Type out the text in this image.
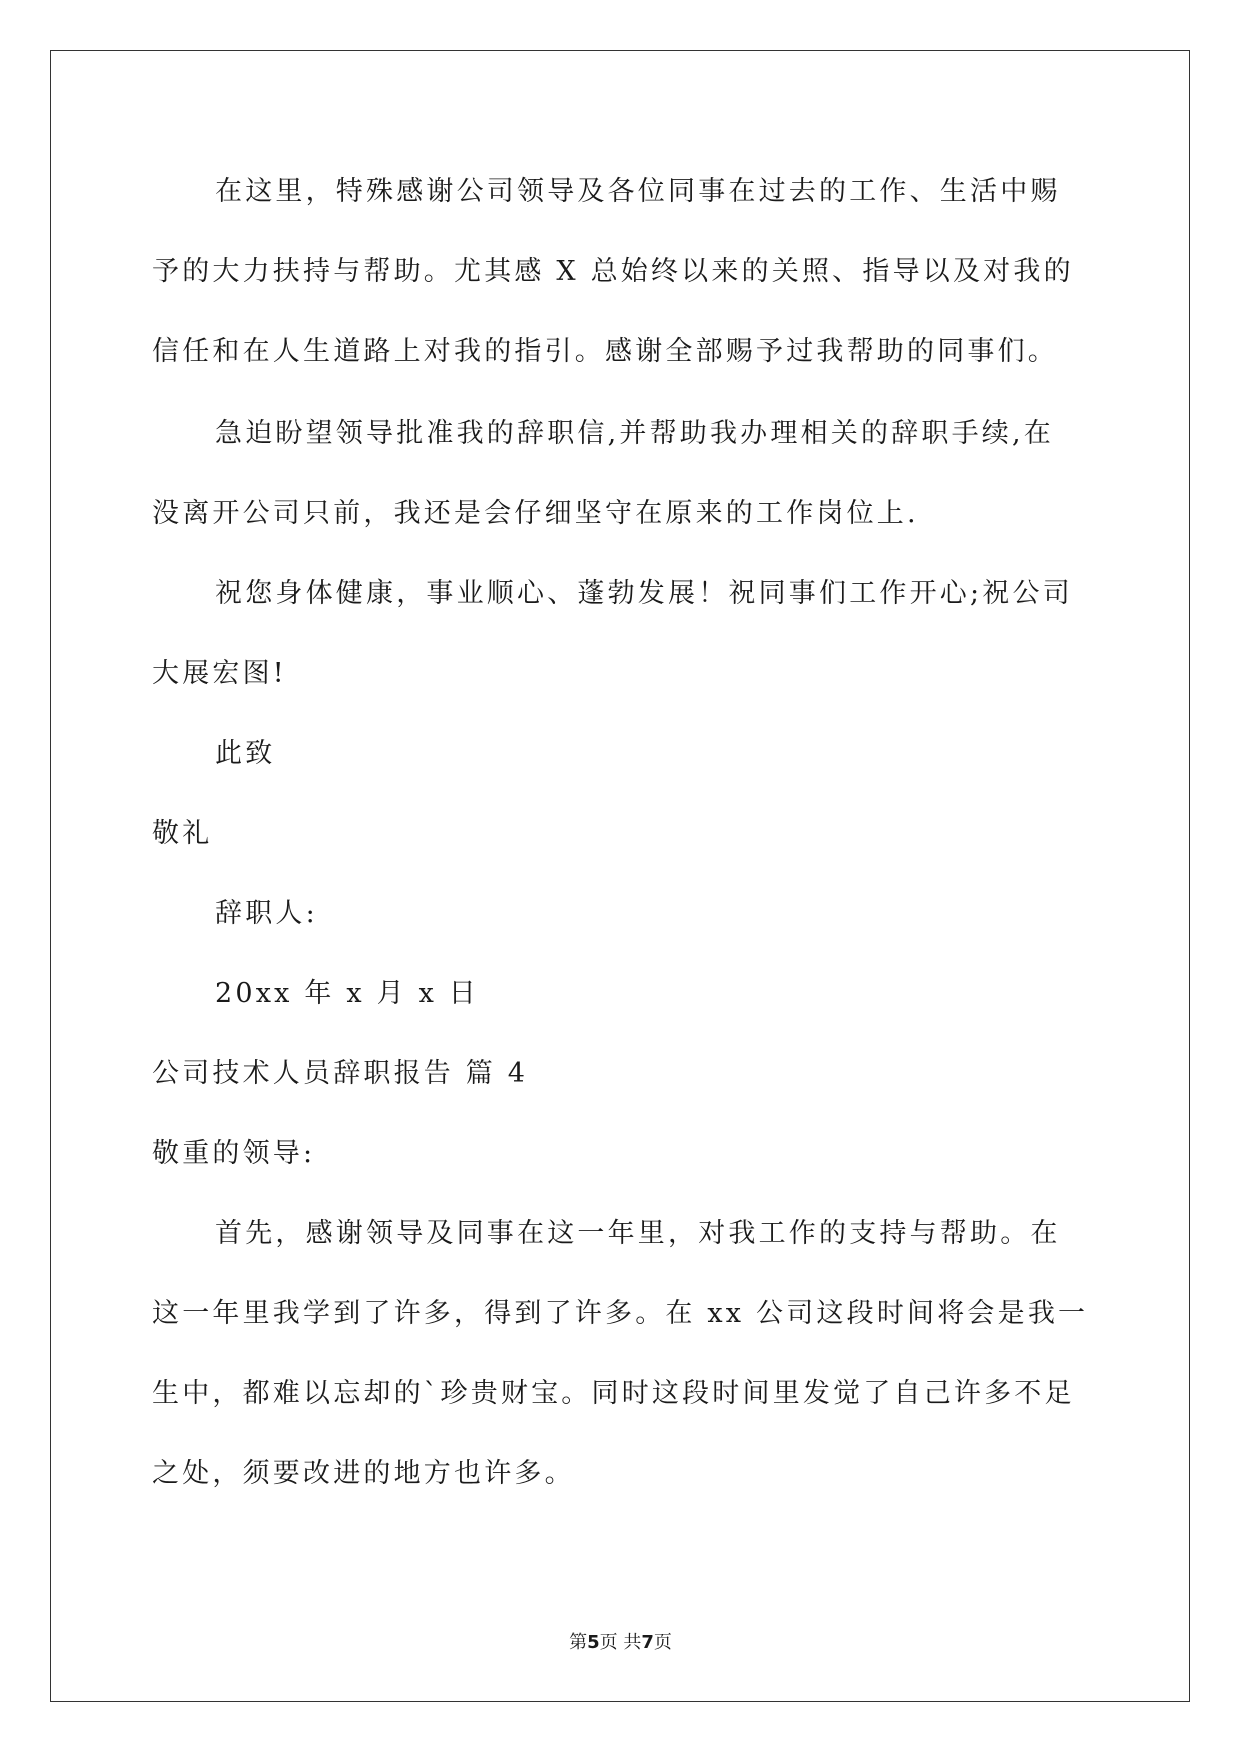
在这里，特殊感谢公司领导及各位同事在过去的工作、生活中赐
予的大力扶持与帮助。尤其感 X 总始终以来的关照、指导以及对我的
信任和在人生道路上对我的指引。感谢全部赐予过我帮助的同事们。
急迫盼望领导批准我的辞职信,并帮助我办理相关的辞职手续,在
没离开公司只前，我还是会仔细坚守在原来的工作岗位上.
祝您身体健康，事业顺心、蓬勃发展！祝同事们工作开心;祝公司
大展宏图!
此致
敬礼
辞职人:
20xx 年 x 月 x 日
公司技术人员辞职报告 篇 4
敬重的领导:
首先，感谢领导及同事在这一年里，对我工作的支持与帮助。在
这一年里我学到了许多，得到了许多。在 xx 公司这段时间将会是我一
生中，都难以忘却的`珍贵财宝。同时这段时间里发觉了自己许多不足
之处，须要改进的地方也许多。
第5页 共7页
